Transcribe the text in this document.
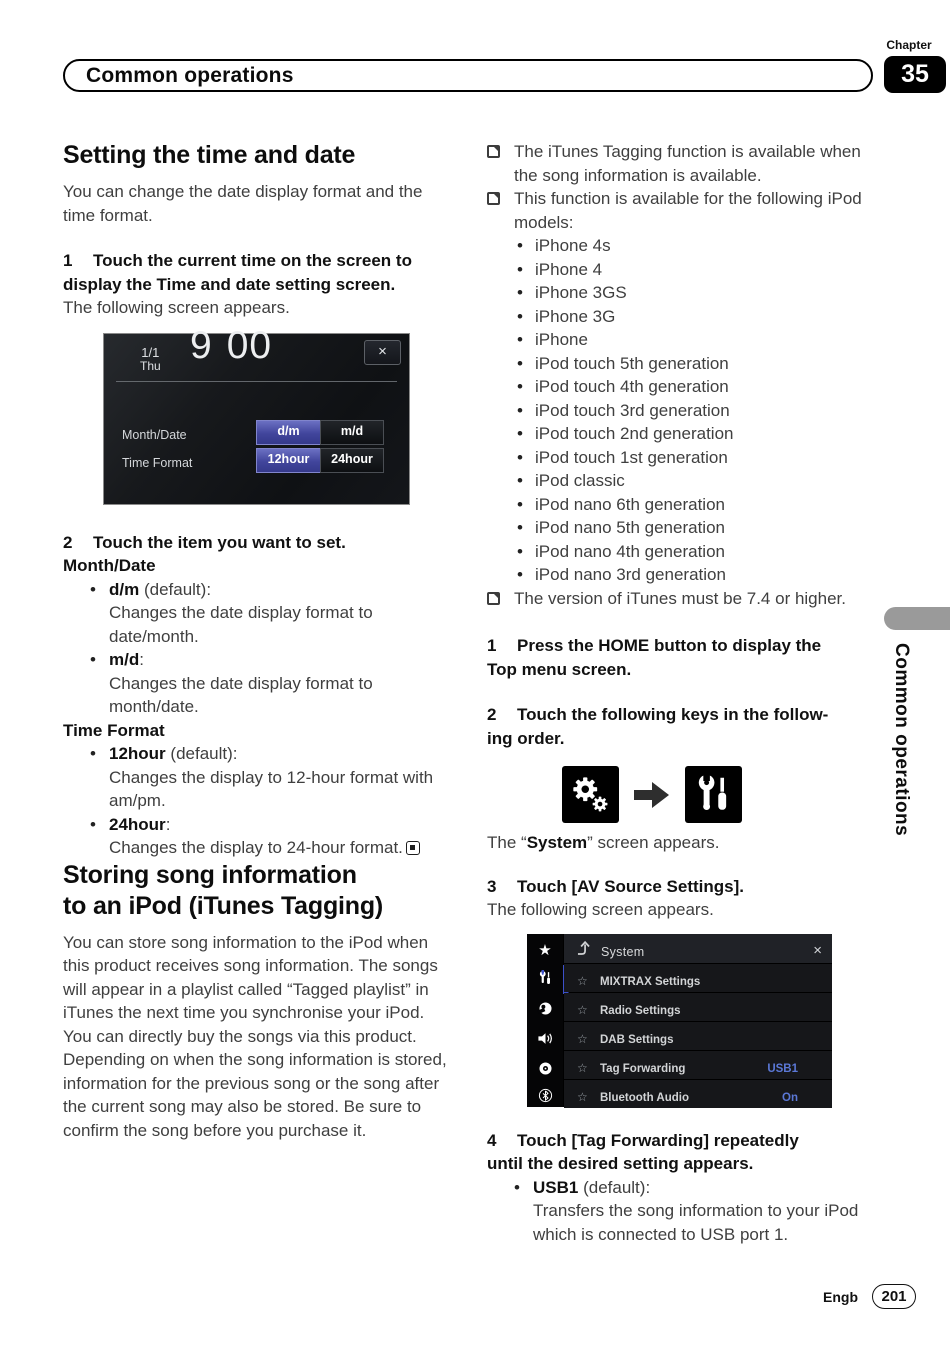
Chapter
35
Common operations
Setting the time and date
You can change the date display format and the time format.
1 Touch the current time on the screen to
display the Time and date setting screen.
The following screen appears.
1/1
Thu 9 00	×
Month/Date	d/m	m/d
Time Format	12hour	24hour
2 Touch the item you want to set.
Month/Date
• d/m (default):
Changes the date display format to date/month.
• m/d:
Changes the date display format to month/date.
Time Format
• 12hour (default):
Changes the display to 12-hour format with am/pm.
• 24hour:
Changes the display to 24-hour format.
Storing song information
to an iPod (iTunes Tagging)
You can store song information to the iPod when this product receives song information. The songs will appear in a playlist called “Tagged playlist” in iTunes the next time you synchronise your iPod. You can directly buy the songs via this product.
Depending on when the song information is stored, information for the previous song or the song after the current song may also be stored. Be sure to confirm the song before you purchase it.
The iTunes Tagging function is available when the song information is available.
This function is available for the following iPod models:
• iPhone 4s
• iPhone 4
• iPhone 3GS
• iPhone 3G
• iPhone
• iPod touch 5th generation
• iPod touch 4th generation
• iPod touch 3rd generation
• iPod touch 2nd generation
• iPod touch 1st generation
• iPod classic
• iPod nano 6th generation
• iPod nano 5th generation
• iPod nano 4th generation
• iPod nano 3rd generation
The version of iTunes must be 7.4 or higher.
1 Press the HOME button to display the
Top menu screen.
2 Touch the following keys in the follow-
ing order.
The “System” screen appears.
3 Touch [AV Source Settings].
The following screen appears.
★	System	×
☆ MIXTRAX Settings
☆ Radio Settings
☆ DAB Settings
☆ Tag Forwarding	USB1
☆ Bluetooth Audio	On
4 Touch [Tag Forwarding] repeatedly
until the desired setting appears.
• USB1 (default):
Transfers the song information to your iPod which is connected to USB port 1.
Engb	201
Common operations
